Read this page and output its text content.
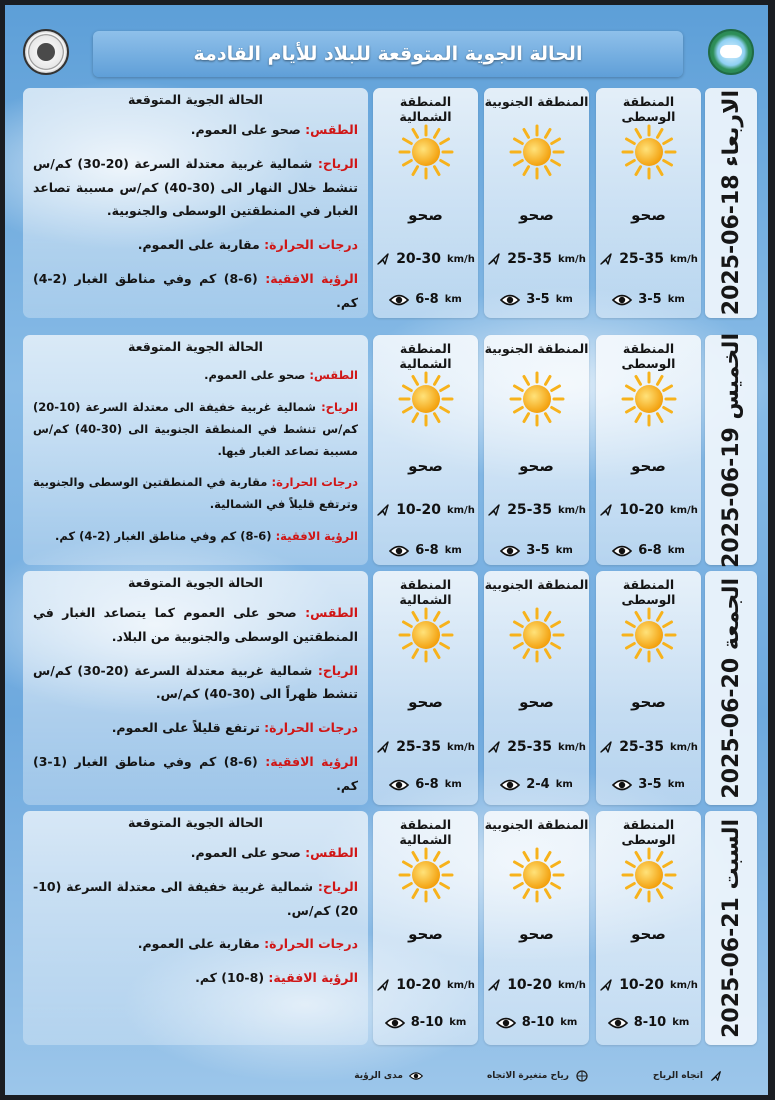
الحالة الجوية المتوقعة للبلاد للأيام القادمة
الاربعاء 18-06-2025
المنطقة الوسطى
صحو
25-35 km/h
3-5 km
المنطقة الجنوبية
صحو
25-35 km/h
3-5 km
المنطقة الشمالية
صحو
20-30 km/h
6-8 km
الحالة الجوية المتوقعة

الطقس: صحو على العموم.

الرياح: شمالية غربية معتدلة السرعة (20-30) كم/س تنشط خلال النهار الى (30-40) كم/س مسببة تصاعد الغبار في المنطقتين الوسطى والجنوبية.

درجات الحرارة: مقاربة على العموم.

الرؤية الافقية: (6-8) كم وفي مناطق الغبار (2-4) كم.

الخميس 19-06-2025
المنطقة الوسطى
صحو
10-20 km/h
6-8 km
المنطقة الجنوبية
صحو
25-35 km/h
3-5 km
المنطقة الشمالية
صحو
10-20 km/h
6-8 km
الحالة الجوية المتوقعة

الطقس: صحو على العموم.

الرياح: شمالية غربية خفيفة الى معتدلة السرعة (10-20) كم/س تنشط في المنطقة الجنوبية الى (30-40) كم/س مسببة تصاعد الغبار فيها.

درجات الحرارة: مقاربة في المنطقتين الوسطى والجنوبية وترتفع قليلاً في الشمالية.

الرؤية الافقية: (6-8) كم وفي مناطق الغبار (2-4) كم.

الجمعة 20-06-2025
المنطقة الوسطى
صحو
25-35 km/h
3-5 km
المنطقة الجنوبية
صحو
25-35 km/h
2-4 km
المنطقة الشمالية
صحو
25-35 km/h
6-8 km
الحالة الجوية المتوقعة

الطقس: صحو على العموم كما يتصاعد الغبار في المنطقتين الوسطى والجنوبية من البلاد.

الرياح: شمالية غربية معتدلة السرعة (20-30) كم/س تنشط ظهراً الى (30-40) كم/س.

درجات الحرارة: ترتفع قليلاً على العموم.

الرؤية الافقية: (6-8) كم وفي مناطق الغبار (1-3) كم.

السبت 21-06-2025
المنطقة الوسطى
صحو
10-20 km/h
8-10 km
المنطقة الجنوبية
صحو
10-20 km/h
8-10 km
المنطقة الشمالية
صحو
10-20 km/h
8-10 km
الحالة الجوية المتوقعة

الطقس: صحو على العموم.

الرياح: شمالية غربية خفيفة الى معتدلة السرعة (10-20) كم/س.

درجات الحرارة: مقاربة على العموم.

الرؤية الافقية: (8-10) كم.

اتجاه الرياح
رياح متغيرة الاتجاه
مدى الرؤية
